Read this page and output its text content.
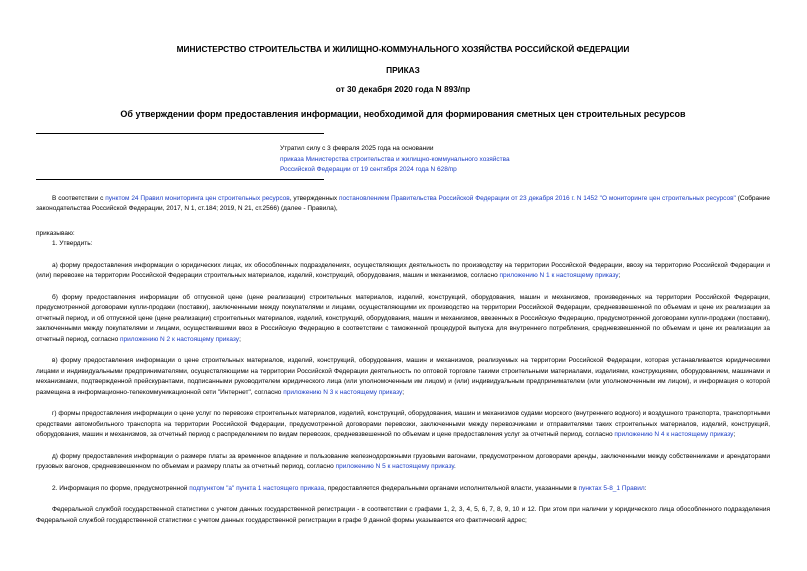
МИНИСТЕРСТВО СТРОИТЕЛЬСТВА И ЖИЛИЩНО-КОММУНАЛЬНОГО ХОЗЯЙСТВА РОССИЙСКОЙ ФЕДЕРАЦИИ
ПРИКАЗ
от 30 декабря 2020 года N 893/пр
Об утверждении форм предоставления информации, необходимой для формирования сметных цен строительных ресурсов
Утратил силу с 3 февраля 2025 года на основании
приказа Министерства строительства и жилищно-коммунального хозяйства
Российской Федерации от 19 сентября 2024 года N 628/пр

В соответствии с пунктом 24 Правил мониторинга цен строительных ресурсов, утвержденных постановлением Правительства Российской Федерации от 23 декабря 2016 г. N 1452 "О мониторинге цен строительных ресурсов" (Собрание законодательства Российской Федерации, 2017, N 1, ст.184; 2019, N 21, ст.2566) (далее - Правила),

приказываю:

1. Утвердить:

а) форму предоставления информации о юридических лицах, их обособленных подразделениях, осуществляющих деятельность по производству на территории Российской Федерации, ввозу на территорию Российской Федерации и (или) перевозке на территории Российской Федерации строительных материалов, изделий, конструкций, оборудования, машин и механизмов, согласно приложению N 1 к настоящему приказу;

б) форму предоставления информации об отпускной цене (цене реализации) строительных материалов, изделий, конструкций, оборудования, машин и механизмов, произведенных на территории Российской Федерации, предусмотренной договорами купли-продажи (поставки), заключенными между покупателями и лицами, осуществляющими их производство на территории Российской Федерации, средневзвешенной по объемам и цене их реализации за отчетный период, и об отпускной цене (цене реализации) строительных материалов, изделий, конструкций, оборудования, машин и механизмов, ввезенных в Российскую Федерацию, предусмотренной договорами купли-продажи (поставки), заключенными между покупателями и лицами, осуществившими ввоз в Российскую Федерацию в соответствии с таможенной процедурой выпуска для внутреннего потребления, средневзвешенной по объемам и цене их реализации за отчетный период, согласно приложению N 2 к настоящему приказу;

в) форму предоставления информации о цене строительных материалов, изделий, конструкций, оборудования, машин и механизмов, реализуемых на территории Российской Федерации, которая устанавливается юридическими лицами и индивидуальными предпринимателями, осуществляющими на территории Российской Федерации деятельность по оптовой торговле такими строительными материалами, изделиями, конструкциями, оборудованием, машинами и механизмами, подтвержденной прейскурантами, подписанными руководителем юридического лица (или уполномоченным им лицом) и (или) индивидуальным предпринимателем (или уполномоченным им лицом), и информация о которой размещена в информационно-телекоммуникационной сети "Интернет", согласно приложению N 3 к настоящему приказу;

г) формы предоставления информации о цене услуг по перевозке строительных материалов, изделий, конструкций, оборудования, машин и механизмов судами морского (внутреннего водного) и воздушного транспорта, транспортными средствами автомобильного транспорта на территории Российской Федерации, предусмотренной договорами перевозки, заключенными между перевозчиками и отправителями таких строительных материалов, изделий, конструкций, оборудования, машин и механизмов, за отчетный период с распределением по видам перевозок, средневзвешенной по объемам и цене предоставления услуг за отчетный период, согласно приложению N 4 к настоящему приказу;

д) форму предоставления информации о размере платы за временное владение и пользование железнодорожными грузовыми вагонами, предусмотренном договорами аренды, заключенными между собственниками и арендаторами грузовых вагонов, средневзвешенном по объемам и размеру платы за отчетный период, согласно приложению N 5 к настоящему приказу.

2. Информация по форме, предусмотренной подпунктом "а" пункта 1 настоящего приказа, предоставляется федеральными органами исполнительной власти, указанными в пунктах 5-8_1 Правил:

Федеральной службой государственной статистики с учетом данных государственной регистрации - в соответствии с графами 1, 2, 3, 4, 5, 6, 7, 8, 9, 10 и 12. При этом при наличии у юридического лица обособленного подразделения Федеральной службой государственной статистики с учетом данных государственной регистрации в графе 9 данной формы указывается его фактический адрес;
